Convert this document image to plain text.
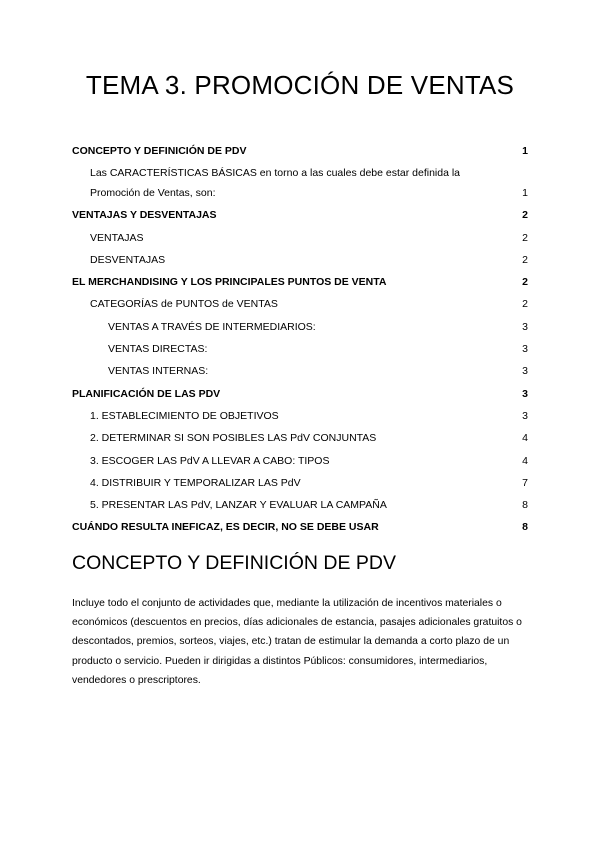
TEMA 3. PROMOCIÓN DE VENTAS
CONCEPTO Y DEFINICIÓN DE PDV	1
Las CARACTERÍSTICAS BÁSICAS en torno a las cuales debe estar definida la Promoción de Ventas, son:	1
VENTAJAS Y DESVENTAJAS	2
VENTAJAS	2
DESVENTAJAS	2
EL MERCHANDISING Y LOS PRINCIPALES PUNTOS DE VENTA	2
CATEGORÍAS de PUNTOS de VENTAS	2
VENTAS A TRAVÉS DE INTERMEDIARIOS:	3
VENTAS DIRECTAS:	3
VENTAS INTERNAS:	3
PLANIFICACIÓN DE LAS PDV	3
1. ESTABLECIMIENTO DE OBJETIVOS	3
2. DETERMINAR SI SON POSIBLES LAS PdV CONJUNTAS	4
3. ESCOGER LAS PdV A LLEVAR A CABO: TIPOS	4
4. DISTRIBUIR Y TEMPORALIZAR LAS PdV	7
5. PRESENTAR LAS PdV, LANZAR Y EVALUAR LA CAMPAÑA	8
CUÁNDO RESULTA INEFICAZ, ES DECIR, NO SE DEBE USAR	8
CONCEPTO Y DEFINICIÓN DE PDV

Incluye todo el conjunto de actividades que, mediante la utilización de incentivos materiales o económicos (descuentos en precios, días adicionales de estancia, pasajes adicionales gratuitos o descontados, premios, sorteos, viajes, etc.) tratan de estimular la demanda a corto plazo de un producto o servicio. Pueden ir dirigidas a distintos Públicos: consumidores, intermediarios, vendedores o prescriptores.
